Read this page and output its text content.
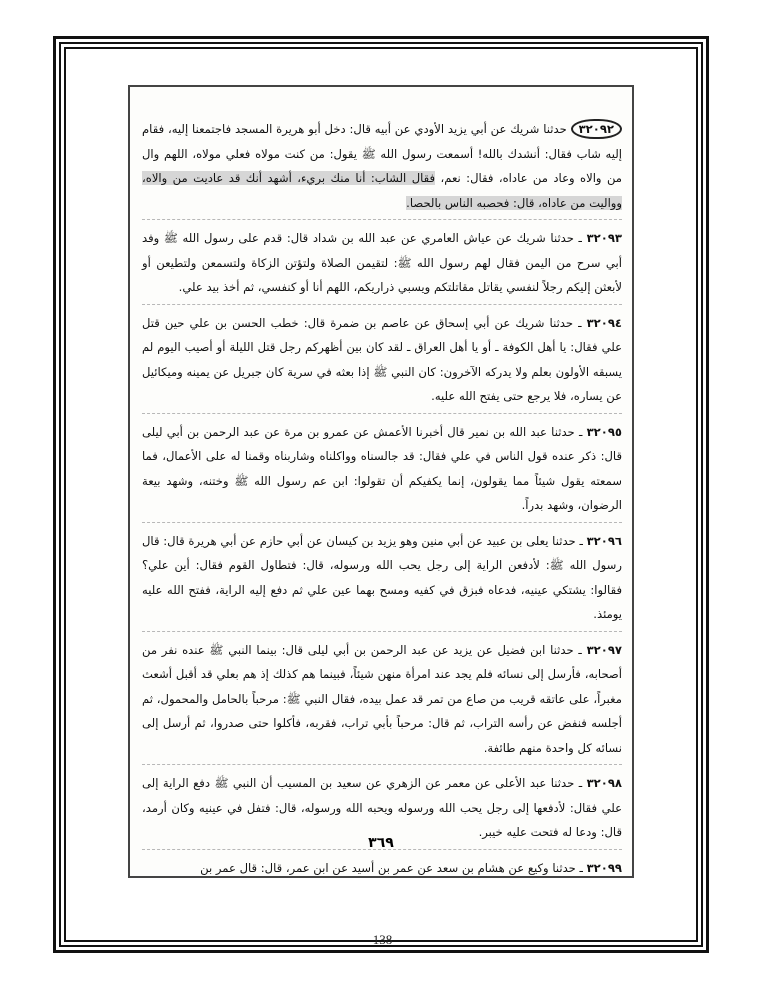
٣٢٠٩٢ حدثنا شريك عن أبي يزيد الأودي عن أبيه قال: دخل أبو هريرة المسجد فاجتمعنا إليه، فقام إليه شاب فقال: أنشدك بالله! أسمعت رسول الله ﷺ يقول: من كنت مولاه فعلي مولاه، اللهم وال من والاه وعاد من عاداه، فقال: نعم، فقال الشاب: أنا منك بريء، أشهد أنك قد عاديت من والاه، وواليت من عاداه، قال: فحصبه الناس بالحصا.
٣٢٠٩٣ ـ حدثنا شريك عن عياش العامري عن عبد الله بن شداد قال: قدم على رسول الله ﷺ وفد أبي سرح من اليمن فقال لهم رسول الله ﷺ: لتقيمن الصلاة ولتؤتن الزكاة ولتسمعن ولتطيعن أو لأبعثن إليكم رجلاً لنفسي يقاتل مقاتلتكم ويسبي ذراريكم، اللهم أنا أو كنفسي، ثم أخذ بيد علي.
٣٢٠٩٤ ـ حدثنا شريك عن أبي إسحاق عن عاصم بن ضمرة قال: خطب الحسن بن علي حين قتل علي فقال: يا أهل الكوفة ـ أو يا أهل العراق ـ لقد كان بين أظهركم رجل قتل الليلة أو أصيب اليوم لم يسبقه الأولون بعلم ولا يدركه الآخرون: كان النبي ﷺ إذا بعثه في سرية كان جبريل عن يمينه وميكائيل عن يساره، فلا يرجع حتى يفتح الله عليه.
٣٢٠٩٥ ـ حدثنا عبد الله بن نمير قال أخبرنا الأعمش عن عمرو بن مرة عن عبد الرحمن بن أبي ليلى قال: ذكر عنده قول الناس في علي فقال: قد جالسناه وواكلناه وشاربناه وقمنا له على الأعمال، فما سمعته يقول شيئاً مما يقولون، إنما يكفيكم أن تقولوا: ابن عم رسول الله ﷺ وختنه، وشهد بيعة الرضوان، وشهد بدراً.
٣٢٠٩٦ ـ حدثنا يعلى بن عبيد عن أبي منين وهو يزيد بن كيسان عن أبي حازم عن أبي هريرة قال: قال رسول الله ﷺ: لأدفعن الراية إلى رجل يحب الله ورسوله، قال: فتطاول القوم فقال: أين علي؟ فقالوا: يشتكي عينيه، فدعاه فبزق في كفيه ومسح بهما عين علي ثم دفع إليه الراية، ففتح الله عليه يومئذ.
٣٢٠٩٧ ـ حدثنا ابن فضيل عن يزيد عن عبد الرحمن بن أبي ليلى قال: بينما النبي ﷺ عنده نفر من أصحابه، فأرسل إلى نسائه فلم يجد عند امرأة منهن شيئاً، فبينما هم كذلك إذ هم بعلي قد أقبل أشعث مغبراً، على عاتقه قريب من صاع من تمر قد عمل بيده، فقال النبي ﷺ: مرحباً بالحامل والمحمول، ثم أجلسه فنفض عن رأسه التراب، ثم قال: مرحباً بأبي تراب، فقربه، فأكلوا حتى صدروا، ثم أرسل إلى نسائه كل واحدة منهم طائفة.
٣٢٠٩٨ ـ حدثنا عبد الأعلى عن معمر عن الزهري عن سعيد بن المسيب أن النبي ﷺ دفع الراية إلى علي فقال: لأدفعها إلى رجل يحب الله ورسوله ويحبه الله ورسوله، قال: فتفل في عينيه وكان أرمد، قال: ودعا له فتحت عليه خيبر.
٣٢٠٩٩ ـ حدثنا وكيع عن هشام بن سعد عن عمر بن أسيد عن ابن عمر، قال: قال عمر بن
٣٦٩
138
